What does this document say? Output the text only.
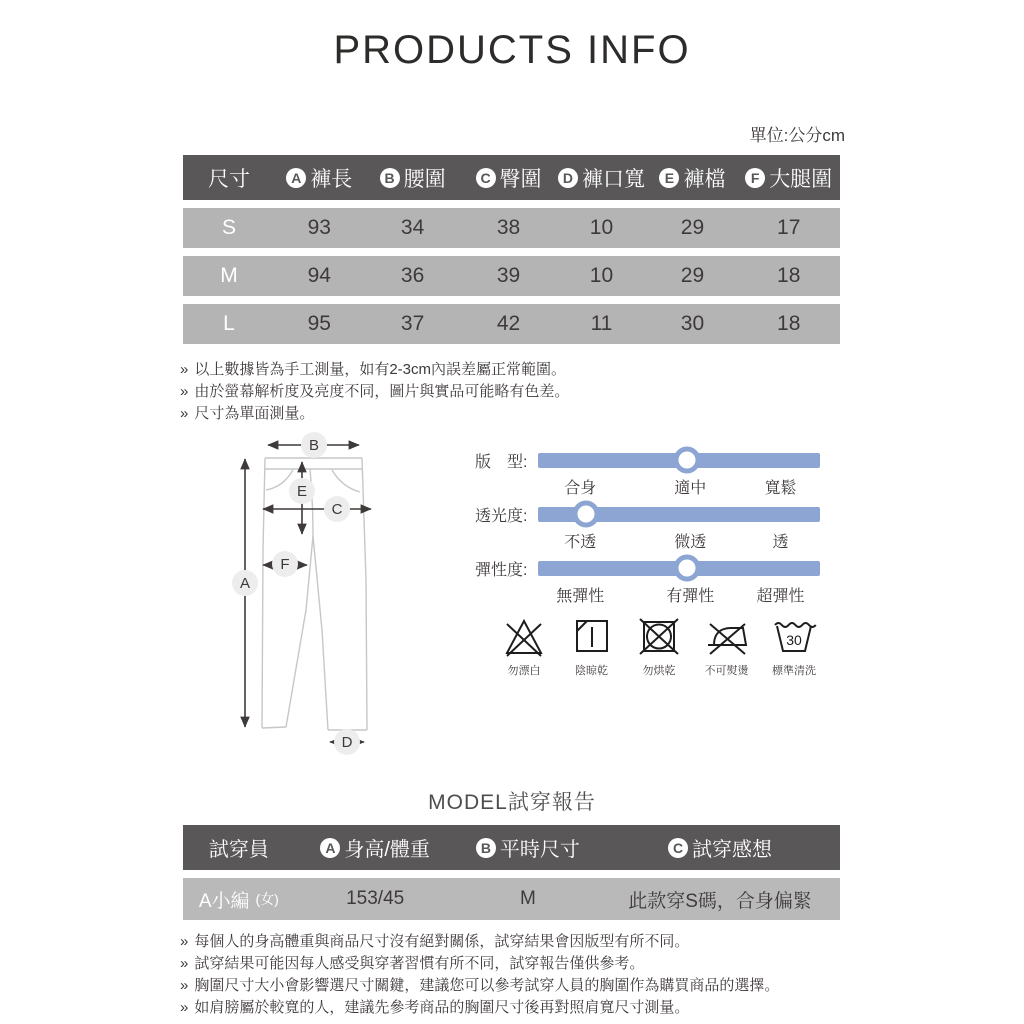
PRODUCTS INFO
單位:公分cm
尺寸	A 褲長	B 腰圍	C 臀圍	D 褲口寬	E 褲檔	F 大腿圍
S	93	34	38	10	29	17
M	94	36	39	10	29	18
L	95	37	42	11	30	18
» 以上數據皆為手工測量，如有2-3cm內誤差屬正常範圍。
» 由於螢幕解析度及亮度不同，圖片與實品可能略有色差。
» 尺寸為單面測量。
B
E
C
F
A
D
版　型:
合身	適中	寬鬆
透光度:
不透	微透	透
彈性度:
無彈性	有彈性	超彈性
勿漂白	陰晾乾	勿烘乾	不可熨燙
30
標準清洗
MODEL試穿報告
試穿員	A 身高/體重	B 平時尺寸	C 試穿感想
A小編 (女)	153/45	M	此款穿S碼，合身偏緊
» 每個人的身高體重與商品尺寸沒有絕對關係，試穿結果會因版型有所不同。
» 試穿結果可能因每人感受與穿著習慣有所不同，試穿報告僅供參考。
» 胸圍尺寸大小會影響選尺寸關鍵，建議您可以參考試穿人員的胸圍作為購買商品的選擇。
» 如肩膀屬於較寬的人，建議先參考商品的胸圍尺寸後再對照肩寬尺寸測量。
